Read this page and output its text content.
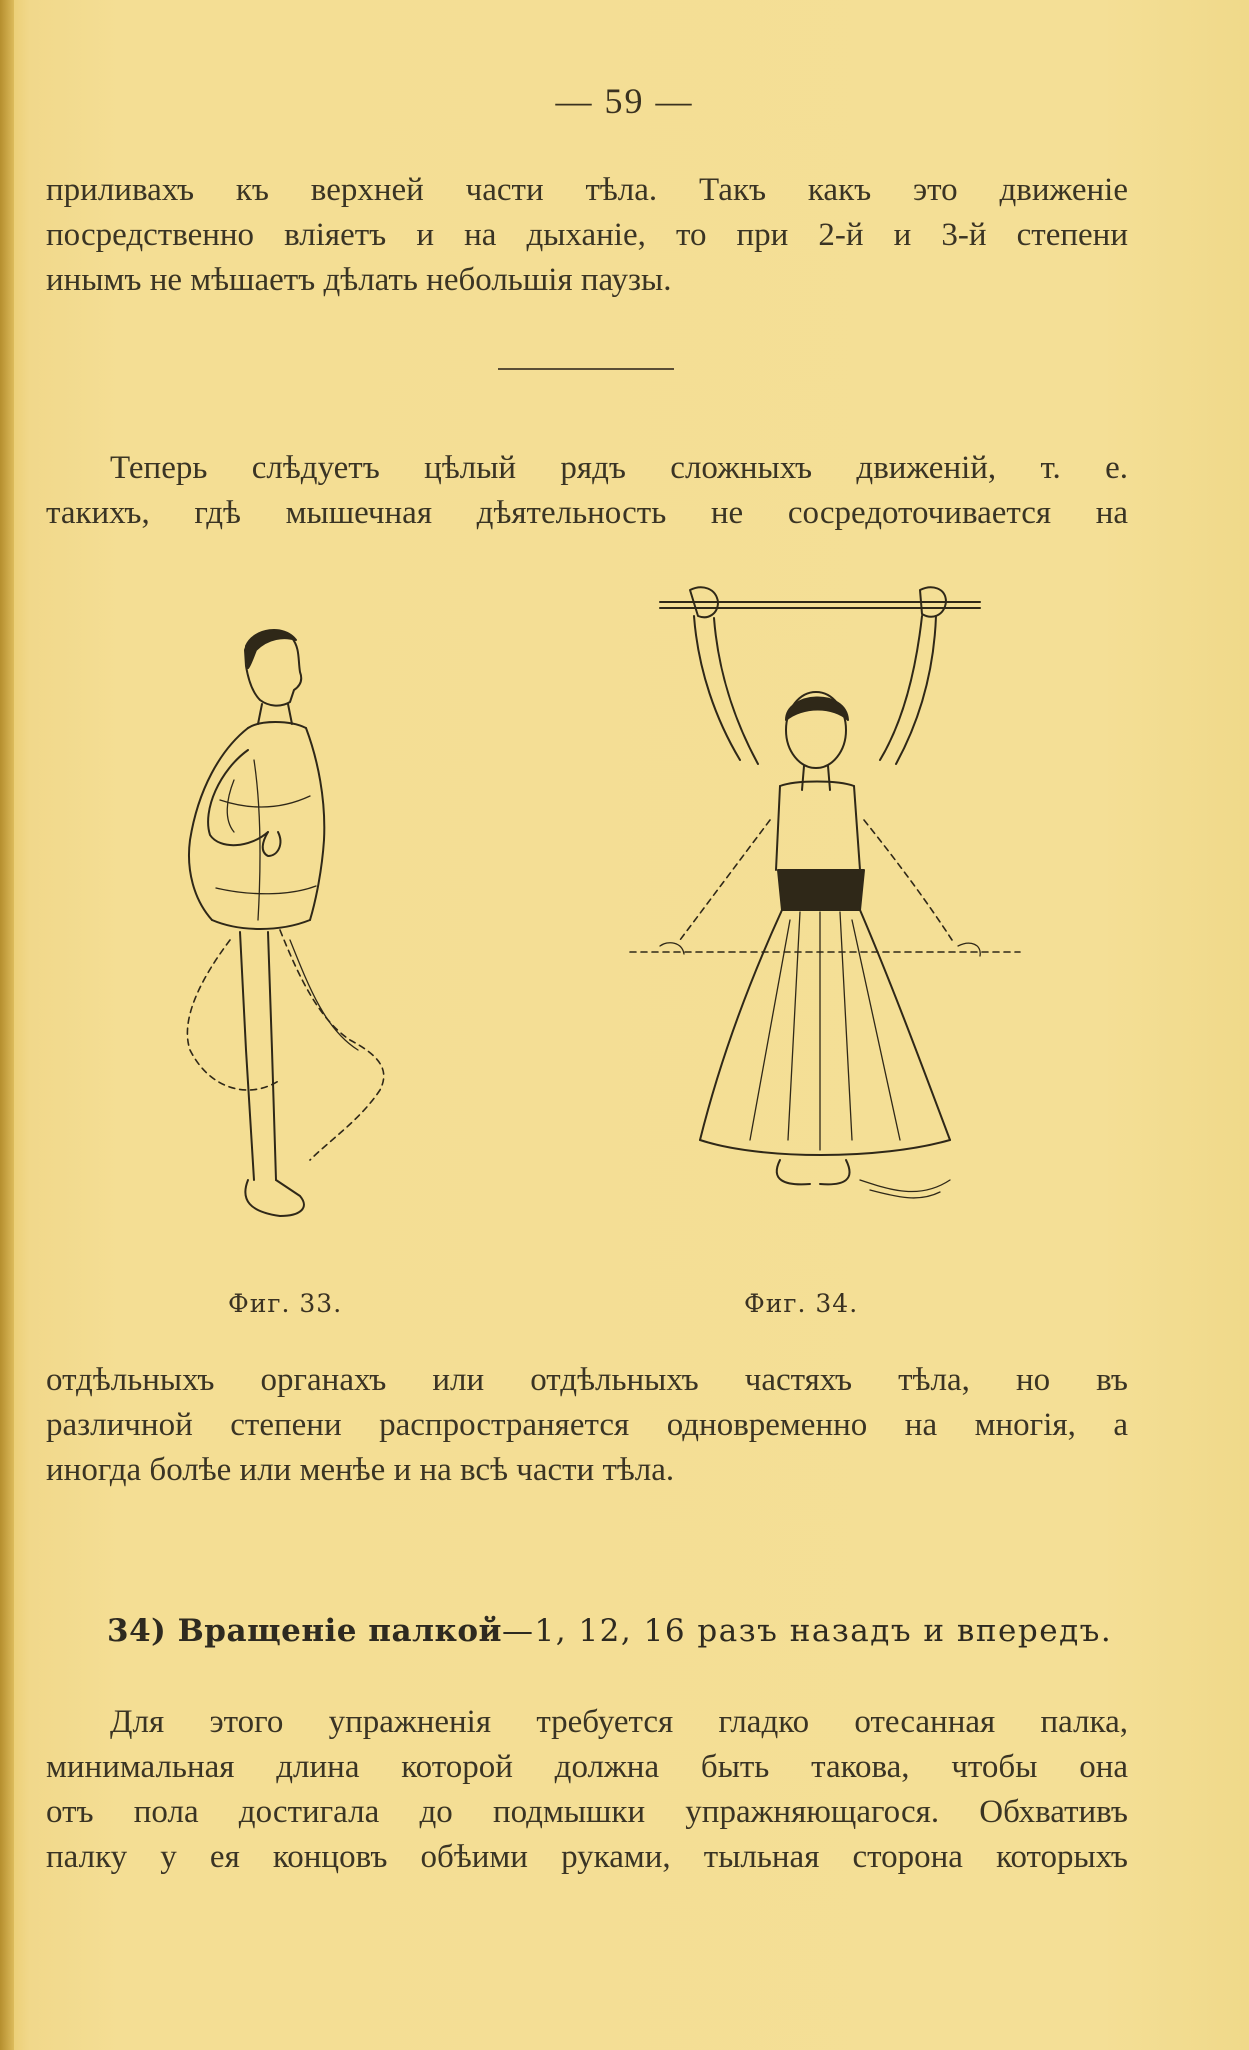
— 59 —
приливахъ къ верхней части тѣла. Такъ какъ это движеніе
посредственно вліяетъ и на дыханіе, то при 2-й и 3-й степени
инымъ не мѣшаетъ дѣлать небольшія паузы.
Теперь слѣдуетъ цѣлый рядъ сложныхъ движеній, т. е.
такихъ, гдѣ мышечная дѣятельность не сосредоточивается на
Фиг. 33.	Фиг. 34.
отдѣльныхъ органахъ или отдѣльныхъ частяхъ тѣла, но въ
различной степени распространяется одновременно на многія, а
иногда болѣе или менѣе и на всѣ части тѣла.
34) Вращеніе палкой—1, 12, 16 разъ назадъ и впередъ.
Для этого упражненія требуется гладко отесанная палка,
минимальная длина которой должна быть такова, чтобы она
отъ пола достигала до подмышки упражняющагося. Обхвативъ
палку у ея концовъ обѣими руками, тыльная сторона которыхъ
